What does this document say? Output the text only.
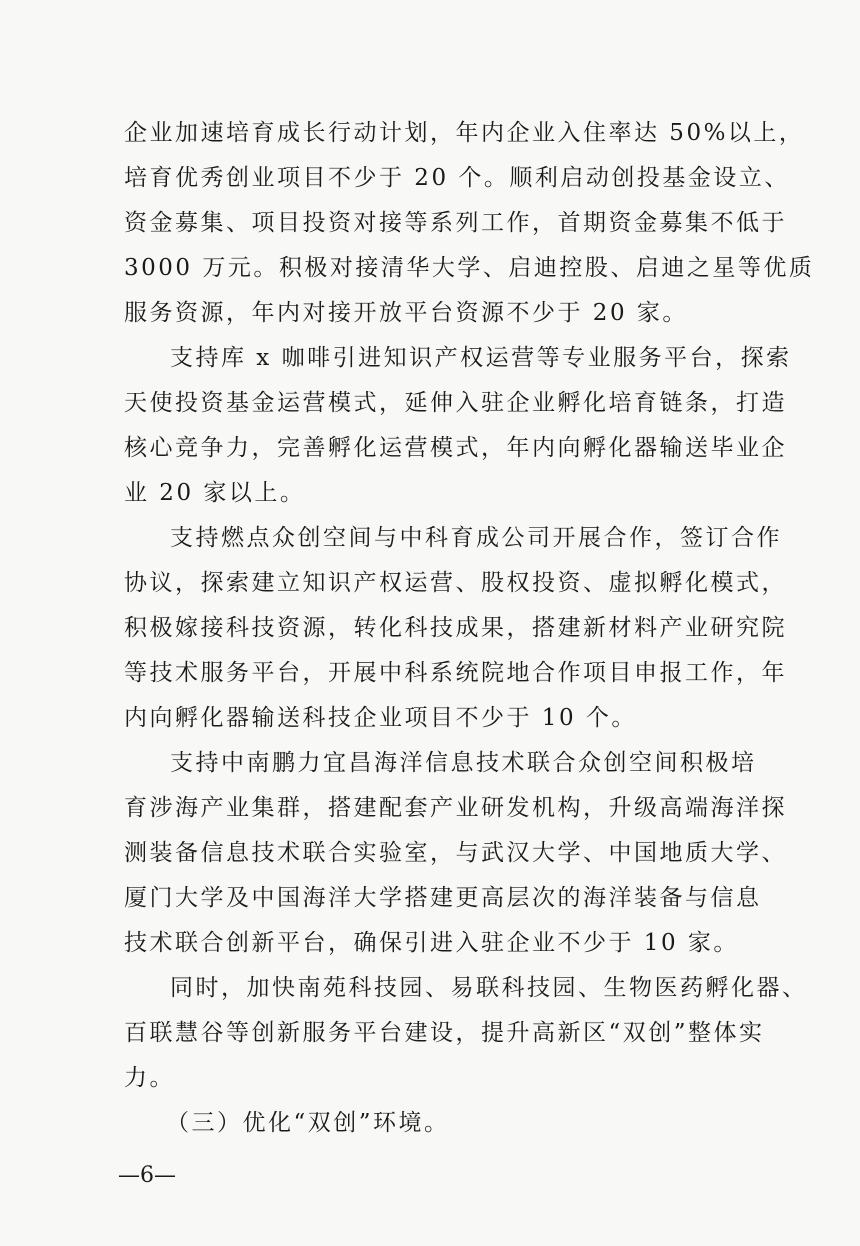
企业加速培育成长行动计划，年内企业入住率达 50%以上，
培育优秀创业项目不少于 20 个。顺利启动创投基金设立、
资金募集、项目投资对接等系列工作，首期资金募集不低于
3000 万元。积极对接清华大学、启迪控股、启迪之星等优质
服务资源，年内对接开放平台资源不少于 20 家。
支持库 x 咖啡引进知识产权运营等专业服务平台，探索
天使投资基金运营模式，延伸入驻企业孵化培育链条，打造
核心竞争力，完善孵化运营模式，年内向孵化器输送毕业企
业 20 家以上。
支持燃点众创空间与中科育成公司开展合作，签订合作
协议，探索建立知识产权运营、股权投资、虚拟孵化模式，
积极嫁接科技资源，转化科技成果，搭建新材料产业研究院
等技术服务平台，开展中科系统院地合作项目申报工作，年
内向孵化器输送科技企业项目不少于 10 个。
支持中南鹏力宜昌海洋信息技术联合众创空间积极培
育涉海产业集群，搭建配套产业研发机构，升级高端海洋探
测装备信息技术联合实验室，与武汉大学、中国地质大学、
厦门大学及中国海洋大学搭建更高层次的海洋装备与信息
技术联合创新平台，确保引进入驻企业不少于 10 家。
同时，加快南苑科技园、易联科技园、生物医药孵化器、
百联慧谷等创新服务平台建设，提升高新区“双创”整体实
力。
（三）优化“双创”环境。
—6—
